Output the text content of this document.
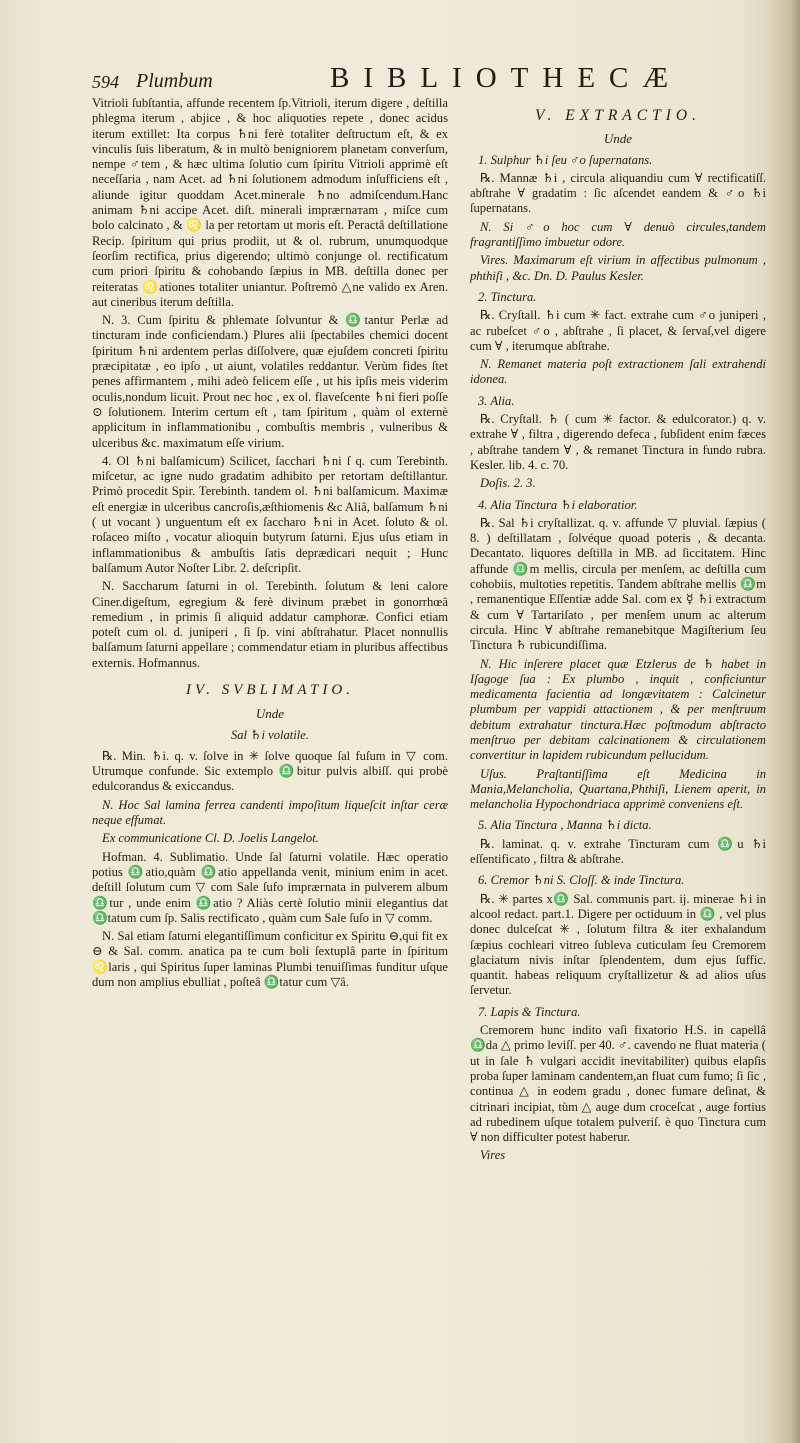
594 Plumbum	BIBLIOTHECÆ

Vitrioli ſubſtantia, affunde recentem ſp.Vitrioli, iterum digere , deſtilla phlegma iterum , abjice , & hoc aliquoties repete , donec acidus iterum extillet: Ita corpus ♄ni ferè totaliter deſtructum eſt, & ex vinculis ſuis liberatum, & in multò benigniorem planetam converſum, nempe ♂tem , & hæc ultima ſolutio cum ſpiritu Vitrioli apprimè eſt neceſſaria , nam Acet. ad ♄ni ſolutionem admodum inſufficiens eſt , aliunde igitur quoddam Acet.minerale ♄no admiſcendum.Hanc animam ♄ni accipe Acet. diſt. minerali impræгnaтam , miſce cum bolo calcinato , & ♌ la per retortam ut moris eſt. Peractâ deſtillatione Recip. ſpiritum qui prius prodiit, ut & ol. rubrum, unumquodque ſeorſim rectifica, prius digerendo; ultimò conjunge ol. rectificatum cum priori ſpiritu & cohobando ſæpius in MB. deſtilla donec per reiteratas ♌ationes totaliter uniantur. Poſtremò △ne valido ex Aren. aut cineribus iterum deſtilla.

N. 3. Cum ſpiritu & phlemate ſolvuntur & ♎tantur Perlæ ad tincturam inde conficiendam.) Plures alii ſpectabiles chemici docent ſpiritum ♄ni ardentem perlas diſſolvere, quæ ejuſdem concreti ſpiritu præcipitatæ , eo ipſo , ut aiunt, volatiles reddantur. Verùm fides ſtet penes affirmantem , mihi adeò felicem eſſe , ut his ipſis meis viderim oculis,nondum licuit. Prout nec hoc , ex ol. flaveſcente ♄ni fieri poſſe ⊙ ſolutionem. Interim certum eſt , tam ſpiritum , quàm ol externè applicitum in inflammationibu , combuſtis membris , vulneribus & ulceribus &c. maximatum eſſe virium.

4. Ol ♄ni balſamicum) Scilicet, ſacchari ♄ni ſ q. cum Terebinth. miſcetur, ac igne nudo gradatim adhibito per retortam deſtillantur. Primò procedit Spir. Terebinth. tandem ol. ♄ni balſamicum. Maximæ eſt energiæ in ulceribus cancroſis,æſthiomenis &c Aliâ, balſamum ♄ni ( ut vocant ) unguentum eſt ex ſaccharo ♄ni in Acet. ſoluto & ol. roſaceo miſto , vocatur alioquin butyrum ſaturni. Ejus uſus etiam in inflammationibus & ambuſtis ſatis deprædicari nequit ; Hunc balſamum Autor Noſter Libr. 2. deſcripſit.

N. Saccharum ſaturni in ol. Terebinth. ſolutum & leni calore Ciner.digeſtum, egregium & ferè divinum præbet in gonorrhœâ remedium , in primis ſi aliquid addatur camphoræ. Confici etiam poteſt cum ol. d. juniperi , ſi ſp. vini abſtrahatur. Placet nonnullis balſamum ſaturni appellare ; commendatur etiam in pluribus affectibus externis. Hofmannus.

IV. SVBLIMATIO.
Unde
Sal ♄i volatile.

℞. Min. ♄i. q. v. ſolve in ✳ ſolve quoque ſal fuſum in ▽ com. Utrumque confunde. Sic extemplo ♎bitur pulvis albiſſ. qui probè edulcorandus & exiccandus.

N. Hoc Sal lamina ferrea candenti impoſitum liqueſcit inſtar ceræ neque effumat.

Ex communicatione Cl. D. Joelis Langelot.

Hofman. 4. Sublimatio. Unde ſal ſaturni volatile. Hæc operatio potius ♎atio,quàm ♎atio appellanda venit, minium enim in acet. deſtill ſolutum cum ▽ com Sale ſufo impræгnata in pulverem album ♎tur , unde enim ♎atio ? Aliàs certè ſolutio minii elegantius dat ♎tatum cum ſp. Salis rectificato , quàm cum Sale ſuſo in ▽ comm.

N. Sal etiam ſaturni elegantiſſimum conficitur ex Spiritu ⊖,qui fit ex ⊖ & Sal. comm. anatica pa te cum boli ſextuplâ parte in ſpiritum ♌laris , qui Spiritus ſuper laminas Plumbi tenuiſſimas funditur uſque dum non amplius ebulliat , poſteâ ♎tatur cum ▽â.

V. EXTRACTIO.
Unde

1. Sulphur ♄i ſeu ♂o ſupernatans.

℞. Mannæ ♄i , circula aliquandiu cum ∀ rectificatiſſ. abſtrahe ∀ gradatim : ſic aſcendet eandem & ♂o ♄i ſupernatans.

N. Si ♂o hoc cum ∀ denuò circules,tandem fragrantiſſimo imbuetur odore.

Vires. Maximarum eſt virium in affectibus pulmonum , phthiſi , &c. Dn. D. Paulus Kesler.

2. Tinctura.

℞. Cryſtall. ♄i cum ✳ fact. extrahe cum ♂o juniperi , ac rubeſcet ♂o , abſtrahe , ſi placet, & ſervaſ,vel digere cum ∀ , iterumque abſtrahe.

N. Remanet materia poſt extractionem ſali extrahendi idonea.

3. Alia.

℞. Cryſtall. ♄ ( cum ✳ factor. & edulcorator.) q. v. extrahe ∀ , filtra , digerendo defeca , ſubſident enim fæces , abſtrahe tandem ∀ , & remanet Tinctura in fundo rubra. Kesler. lib. 4. c. 70.

Doſis. 2. 3.

4. Alia Tinctura ♄i elaboratior.

℞. Sal ♄i cryſtallizat. q. v. affunde ▽ pluvial. ſæpius ( 8. ) deſtillatam , ſolvéque quoad poteris , & decanta. Decantato. liquores deſtilla in MB. ad ſiccitatem. Hinc affunde ♎m mellis, circula per menſem, ac deſtilla cum cohobiis, multoties repetitis. Tandem abſtrahe mellis ♎m , remanentique Eſſentiæ adde Sal. com ex ☿ ♄i extractum & cum ∀ Tartariſato , per menſem unum ac alterum circula. Hinc ∀ abſtrahe remanebitque Magiſterium ſeu Tinctura ♄ rubicundiſſima.

N. Hic inſerere placet quæ Etzlerus de ♄ habet in Iſagoge ſua : Ex plumbo , inquit , conficiuntur medicamenta facientia ad longævitatem : Calcinetur plumbum per vappidi attactionem , & per menſtruum debitum extrahatur tinctura.Hæc poſtmodum abſtracto menſtruo per debitam calcinationem & circulationem convertitur in lapidem rubicundum pellucidum.

Uſus. Praſtantiſſima eſt Medicina in Mania,Melancholia, Quartana,Phthiſi, Lienem aperit, in melancholia Hypochondriaca apprimè conveniens eſt.

5. Alia Tinctura , Manna ♄i dicta.

℞. laminat. q. v. extrahe Tincturam cum ♎u ♄i eſſentificato , filtra & abſtrahe.

6. Cremor ♄ni S. Cloſſ. & inde Tinctura.

℞. ✳ partes x♎ Sal. communis part. ij. minerae ♄i in alcool redact. part.1. Digere per octiduum in ♎ , vel plus donec dulceſcat ✳ , ſolutum filtra & iter exhalandum ſæpius cochleari vitreo ſubleva cuticulam ſeu Cremorem glaciatum nivis inſtar ſplendentem, dum ejus ſuffic. quantit. habeas reliquum cryſtallizetur & ad alios uſus ſervetur.

7. Lapis & Tinctura.

Cremorem hunc indito vaſi fixatorio H.S. in capellâ ♎da △ primo leviſſ. per 40. ♂. cavendo ne fluat materia ( ut in ſale ♄ vulgari accidit inevitabiliter) quibus elapſis proba ſuper laminam candentem,an fluat cum fumo; ſi ſic , continua △ in eodem gradu , donec fumare deſinat, & citrinari incipiat, tùm △ auge dum croceſcat , auge fortius ad rubedinem uſque totalem pulveriſ. è quo Tinctura cum ∀ non difficulter potest haberur.

Vires
